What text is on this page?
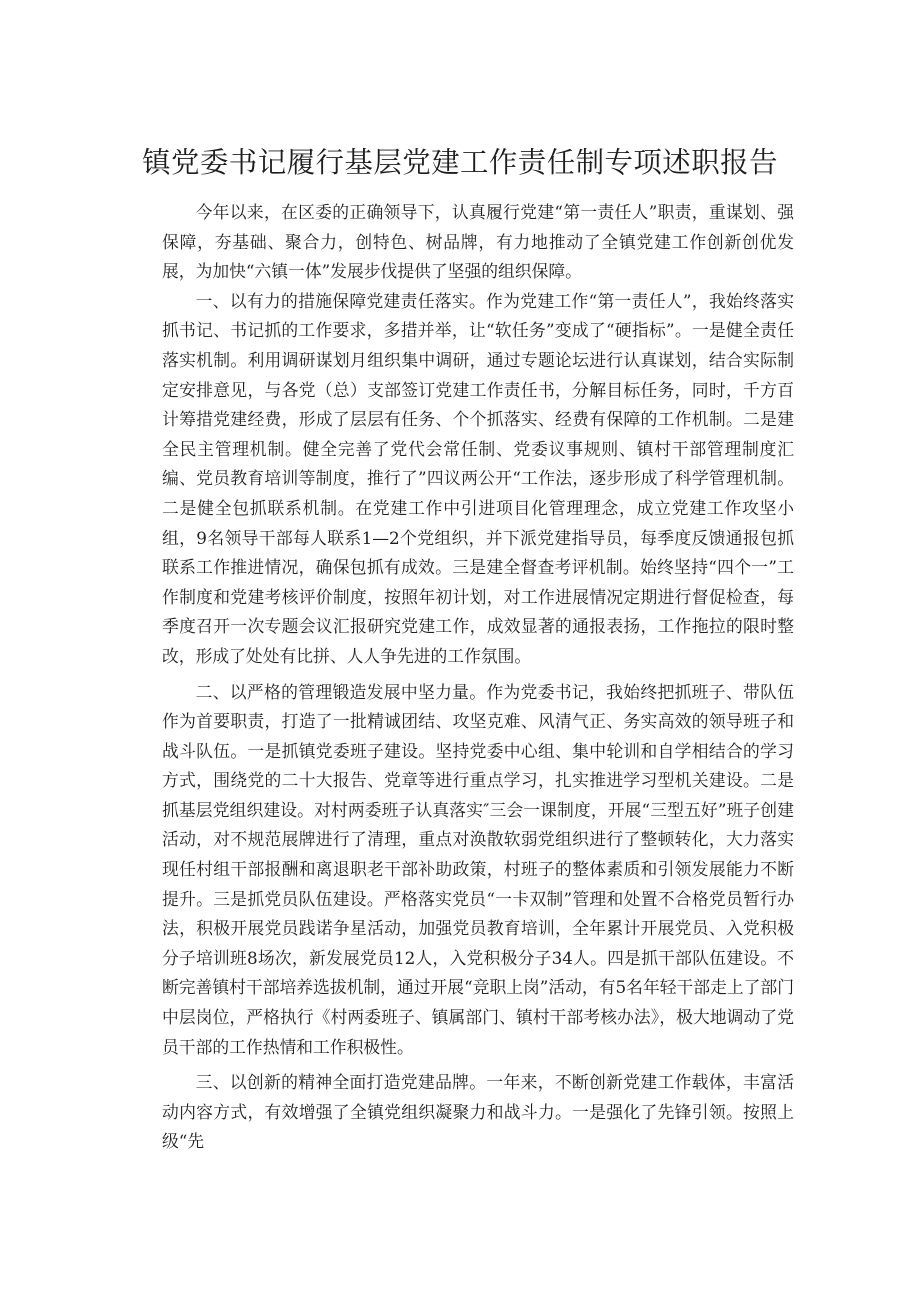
镇党委书记履行基层党建工作责任制专项述职报告

今年以来，在区委的正确领导下，认真履行党建“第一责任人”职责，重谋划、强保障，夯基础、聚合力，创特色、树品牌，有力地推动了全镇党建工作创新创优发展，为加快“六镇一体”发展步伐提供了坚强的组织保障。

一、以有力的措施保障党建责任落实。作为党建工作“第一责任人”，我始终落实抓书记、书记抓的工作要求，多措并举，让“软任务”变成了“硬指标”。一是健全责任落实机制。利用调研谋划月组织集中调研，通过专题论坛进行认真谋划，结合实际制定安排意见，与各党（总）支部签订党建工作责任书，分解目标任务，同时，千方百计筹措党建经费，形成了层层有任务、个个抓落实、经费有保障的工作机制。二是建全民主管理机制。健全完善了党代会常任制、党委议事规则、镇村干部管理制度汇编、党员教育培训等制度，推行了”四议两公开“工作法，逐步形成了科学管理机制。二是健全包抓联系机制。在党建工作中引进项目化管理理念，成立党建工作攻坚小组，9名领导干部每人联系1—2个党组织，并下派党建指导员，每季度反馈通报包抓联系工作推进情况，确保包抓有成效。三是建全督查考评机制。始终坚持“四个一”工作制度和党建考核评价制度，按照年初计划，对工作进展情况定期进行督促检查，每季度召开一次专题会议汇报研究党建工作，成效显著的通报表扬，工作拖拉的限时整改，形成了处处有比拼、人人争先进的工作氛围。

二、以严格的管理锻造发展中坚力量。作为党委书记，我始终把抓班子、带队伍作为首要职责，打造了一批精诚团结、攻坚克难、风清气正、务实高效的领导班子和战斗队伍。一是抓镇党委班子建设。坚持党委中心组、集中轮训和自学相结合的学习方式，围绕党的二十大报告、党章等进行重点学习，扎实推进学习型机关建设。二是抓基层党组织建设。对村两委班子认真落实″三会一课制度，开展“三型五好”班子创建活动，对不规范展牌进行了清理，重点对涣散软弱党组织进行了整顿转化，大力落实现任村组干部报酬和离退职老干部补助政策，村班子的整体素质和引领发展能力不断提升。三是抓党员队伍建设。严格落实党员“一卡双制”管理和处置不合格党员暂行办法，积极开展党员践诺争星活动，加强党员教育培训，全年累计开展党员、入党积极分子培训班8场次，新发展党员12人，入党积极分子34人。四是抓干部队伍建设。不断完善镇村干部培养选拔机制，通过开展“竞职上岗”活动，有5名年轻干部走上了部门中层岗位，严格执行《村两委班子、镇属部门、镇村干部考核办法》，极大地调动了党员干部的工作热情和工作积极性。

三、以创新的精神全面打造党建品牌。一年来，不断创新党建工作载体，丰富活动内容方式，有效增强了全镇党组织凝聚力和战斗力。一是强化了先锋引领。按照上级“先
